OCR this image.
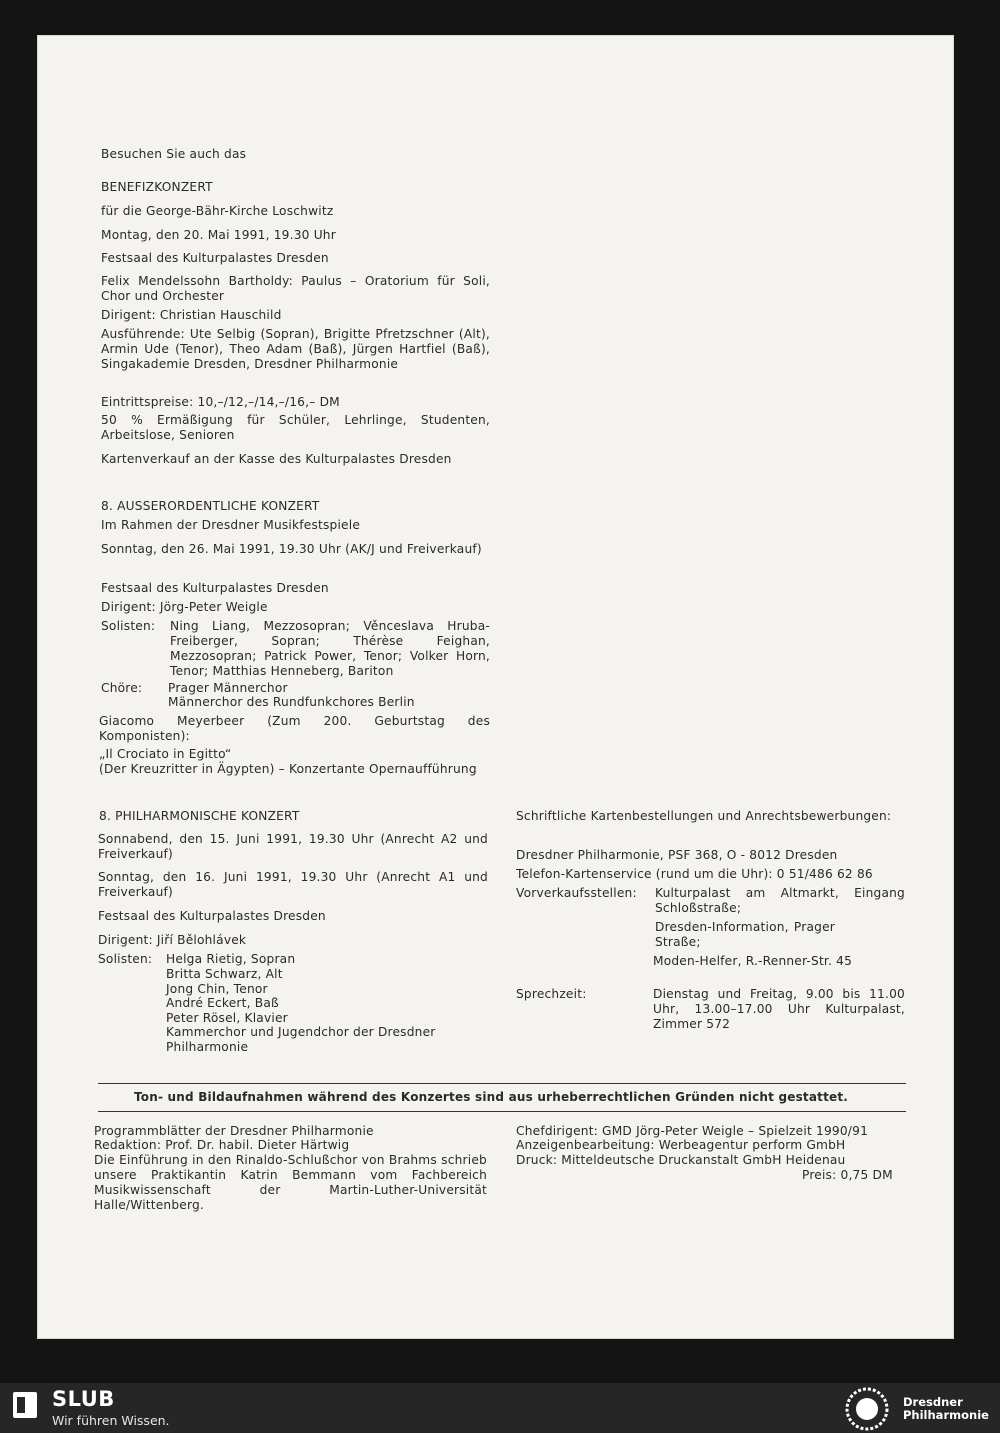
Besuchen Sie auch das
BENEFIZKONZERT
für die George-Bähr-Kirche Loschwitz
Montag, den 20. Mai 1991, 19.30 Uhr
Festsaal des Kulturpalastes Dresden
Felix Mendelssohn Bartholdy: Paulus – Oratorium für Soli, Chor und Orchester
Dirigent: Christian Hauschild
Ausführende: Ute Selbig (Sopran), Brigitte Pfretzschner (Alt), Armin Ude (Tenor), Theo Adam (Baß), Jürgen Hartfiel (Baß), Singakademie Dresden, Dresdner Philharmonie
Eintrittspreise: 10,–/12,–/14,–/16,– DM
50 % Ermäßigung für Schüler, Lehrlinge, Studenten, Arbeitslose, Senioren
Kartenverkauf an der Kasse des Kulturpalastes Dresden
8. AUSSERORDENTLICHE KONZERT
Im Rahmen der Dresdner Musikfestspiele
Sonntag, den 26. Mai 1991, 19.30 Uhr (AK/J und Freiverkauf)
Festsaal des Kulturpalastes Dresden
Dirigent: Jörg-Peter Weigle
Solisten: Ning Liang, Mezzosopran; Věnceslava Hruba-Freiberger, Sopran; Thérèse Feighan, Mezzosopran; Patrick Power, Tenor; Volker Horn, Tenor; Matthias Henneberg, Bariton
Chöre: Prager Männerchor
Männerchor des Rundfunkchores Berlin
Giacomo Meyerbeer (Zum 200. Geburtstag des Komponisten):
„Il Crociato in Egitto“
(Der Kreuzritter in Ägypten) – Konzertante Opernaufführung
8. PHILHARMONISCHE KONZERT
Sonnabend, den 15. Juni 1991, 19.30 Uhr (Anrecht A2 und Freiverkauf)
Sonntag, den 16. Juni 1991, 19.30 Uhr (Anrecht A1 und Freiverkauf)
Festsaal des Kulturpalastes Dresden
Dirigent: Jiří Bělohlávek
Solisten: Helga Rietig, Sopran
Britta Schwarz, Alt
Jong Chin, Tenor
André Eckert, Baß
Peter Rösel, Klavier
Kammerchor und Jugendchor der Dresdner
Philharmonie
Schriftliche Kartenbestellungen und Anrechtsbewerbungen:
Dresdner Philharmonie, PSF 368, O - 8012 Dresden
Telefon-Kartenservice (rund um die Uhr): 0 51/486 62 86
Vorverkaufsstellen: Kulturpalast am Altmarkt, Eingang Schloßstraße;
Dresden-Information, Prager Straße;
Moden-Helfer, R.-Renner-Str. 45
Sprechzeit:	Dienstag und Freitag, 9.00 bis 11.00 Uhr, 13.00–17.00 Uhr Kulturpalast, Zimmer 572
Ton- und Bildaufnahmen während des Konzertes sind aus urheberrechtlichen Gründen nicht gestattet.
Programmblätter der Dresdner Philharmonie
Redaktion: Prof. Dr. habil. Dieter Härtwig
Die Einführung in den Rinaldo-Schlußchor von Brahms schrieb unsere Praktikantin Katrin Bemmann vom Fachbereich Musikwissenschaft der Martin-Luther-Universität Halle/Wittenberg.
Chefdirigent: GMD Jörg-Peter Weigle – Spielzeit 1990/91
Anzeigenbearbeitung: Werbeagentur perform GmbH
Druck: Mitteldeutsche Druckanstalt GmbH Heidenau
Preis: 0,75 DM
SLUB
Wir führen Wissen.
Dresdner
Philharmonie
